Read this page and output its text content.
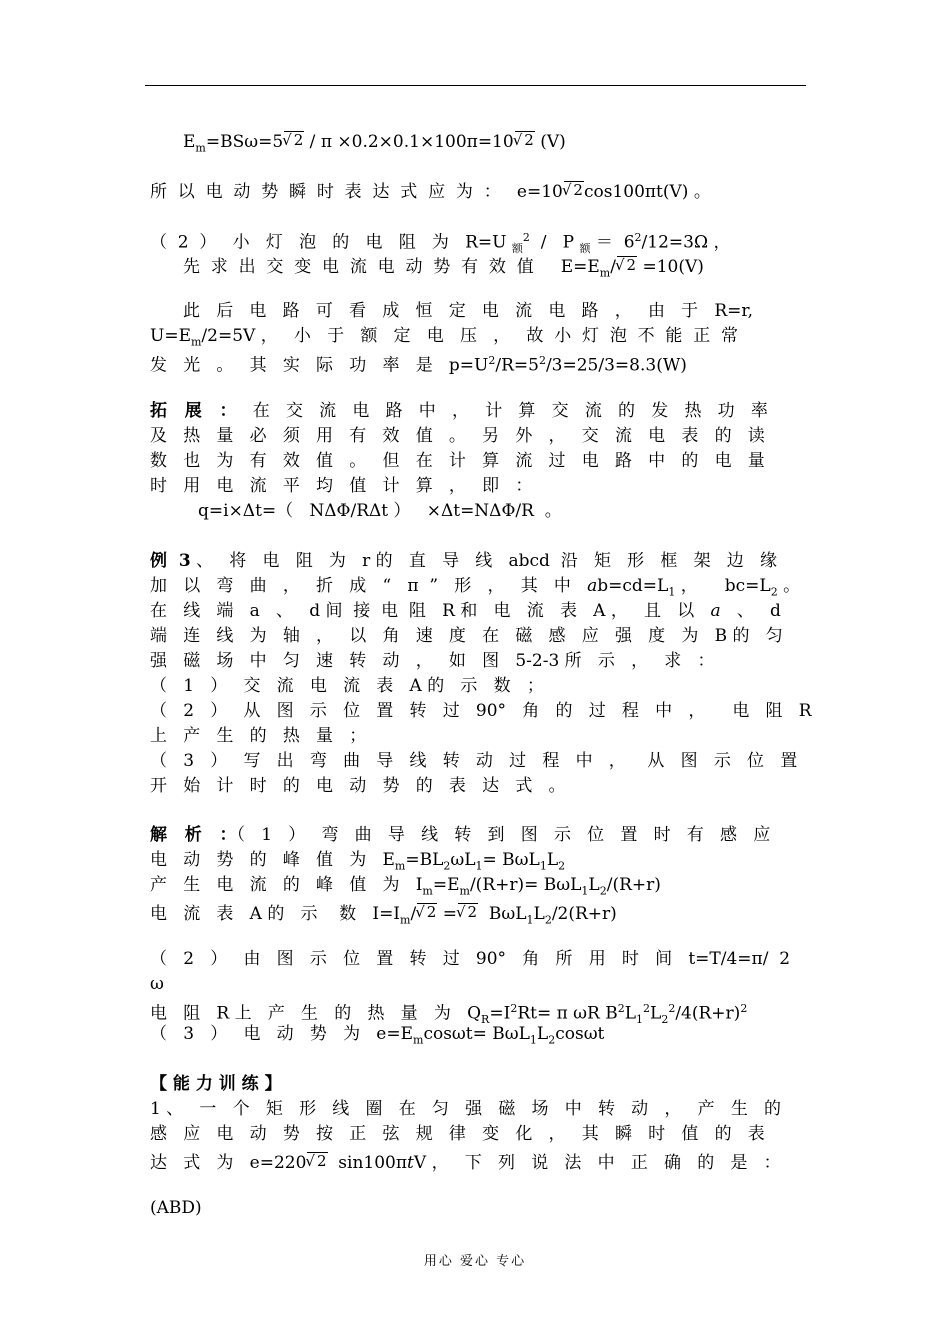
$E_m=BS\omega=5√$ 2 / π ×0.2×0.1×100π=10√ 2 (V)
所  以  电  动  势  瞬  时  表  达  式  应  为  ：   e=10√ 2cos100πt(V) 。
（  2  ）   小   灯   泡   的   电   阻   为   R=U $_额^2$  /   P $_额 = 6^2/12=3\Omega$ ，
先  求  出  交  变  电  流  电  动  势  有  效  值     $E=E_m/√$ 2 =10(V)
此   后   电   路   可   看   成   恒   定   电   流   电   路   ，   由   于   R=r,
$U=E_m/2=5V$ ，   小   于   额   定   电   压   ，   故  小  灯  泡  不  能  正  常
发   光   。   其   实   际   功   率   是   $p=U^2/R=5^2/3=25/3=8.3(W)$
拓   展   ：   在   交   流   电   路   中   ，   计   算   交   流   的   发   热   功   率
及   热   量   必   须   用   有   效   值   。   另   外   ，   交   流   电   表   的   读
数   也   为   有   效   值   。   但   在   计   算   流   过   电   路   中   的   电   量
时   用   电   流   平   均   值   计   算   ，   即   ：
q=i×Δt=（   NΔΦ/RΔt ）   ×Δt=NΔΦ/R  。
例  3 、   将   电   阻   为   r 的   直   导   线   abcd  沿   矩   形   框   架   边   缘
加   以   弯   曲   ，   折   成   “   π  ”   形   ，   其   中   $ab=cd=L_1$ ，     $bc=L_2$ 。
在   线   端   a   、   d 间  接  电  阻   R 和   电   流   表   A ，   且   以   a   、   d
端   连   线   为   轴   ，   以   角   速   度   在   磁   感   应   强   度   为   B 的   匀
强   磁   场   中   匀   速   转   动   ，   如   图   5-2-3 所   示   ，   求   ：
（   1   ）   交   流   电   流   表   A 的   示   数   ；
（   2   ）   从   图   示   位   置   转   过   90°   角   的   过   程   中   ，     电   阻   R
上   产   生   的   热   量   ；
（   3   ）   写   出   弯   曲   导   线   转   动   过   程   中   ，    从   图   示   位   置
开   始   计   时   的   电   动   势   的   表   达   式   。
解   析   ：（   1   ）   弯   曲   导   线   转   到   图   示   位   置   时   有   感   应
电   动   势   的   峰   值   为   $E_m=BL_2\omega L_1= B\omega L_1L_2$
产   生   电   流   的   峰   值   为   $I_m=E_m/(R+r)= B\omega L_1L_2/(R+r)$
电   流   表   A 的   示    数   $I=I_m/√$ 2 =√ 2  $B\omega L_1L_2/2(R+r)$
（   2   ）   由   图   示   位   置   转   过   90°   角   所   用   时   间   t=T/4=π/  2
ω
电   阻   R 上   产   生   的   热   量   为   $Q_R=I^2Rt= \pi$ ωR $B^2L_1^2L_2^2/4(R+r)^2$
（   3   ）   电   动   势   为   $e=E_m\cos\omega t= B\omega L_1L_2\cos\omega t$
【 能 力 训 练 】
1 、   一   个   矩   形   线   圈   在   匀   强   磁   场   中   转   动   ，   产   生   的
感   应   电   动   势   按   正   弦   规   律   变   化   ，   其   瞬   时   值   的   表
达   式   为   e=220√ 2  sin100πtV ，   下   列   说   法   中   正   确   的   是   ：
(ABD)
用心 爱心 专心
